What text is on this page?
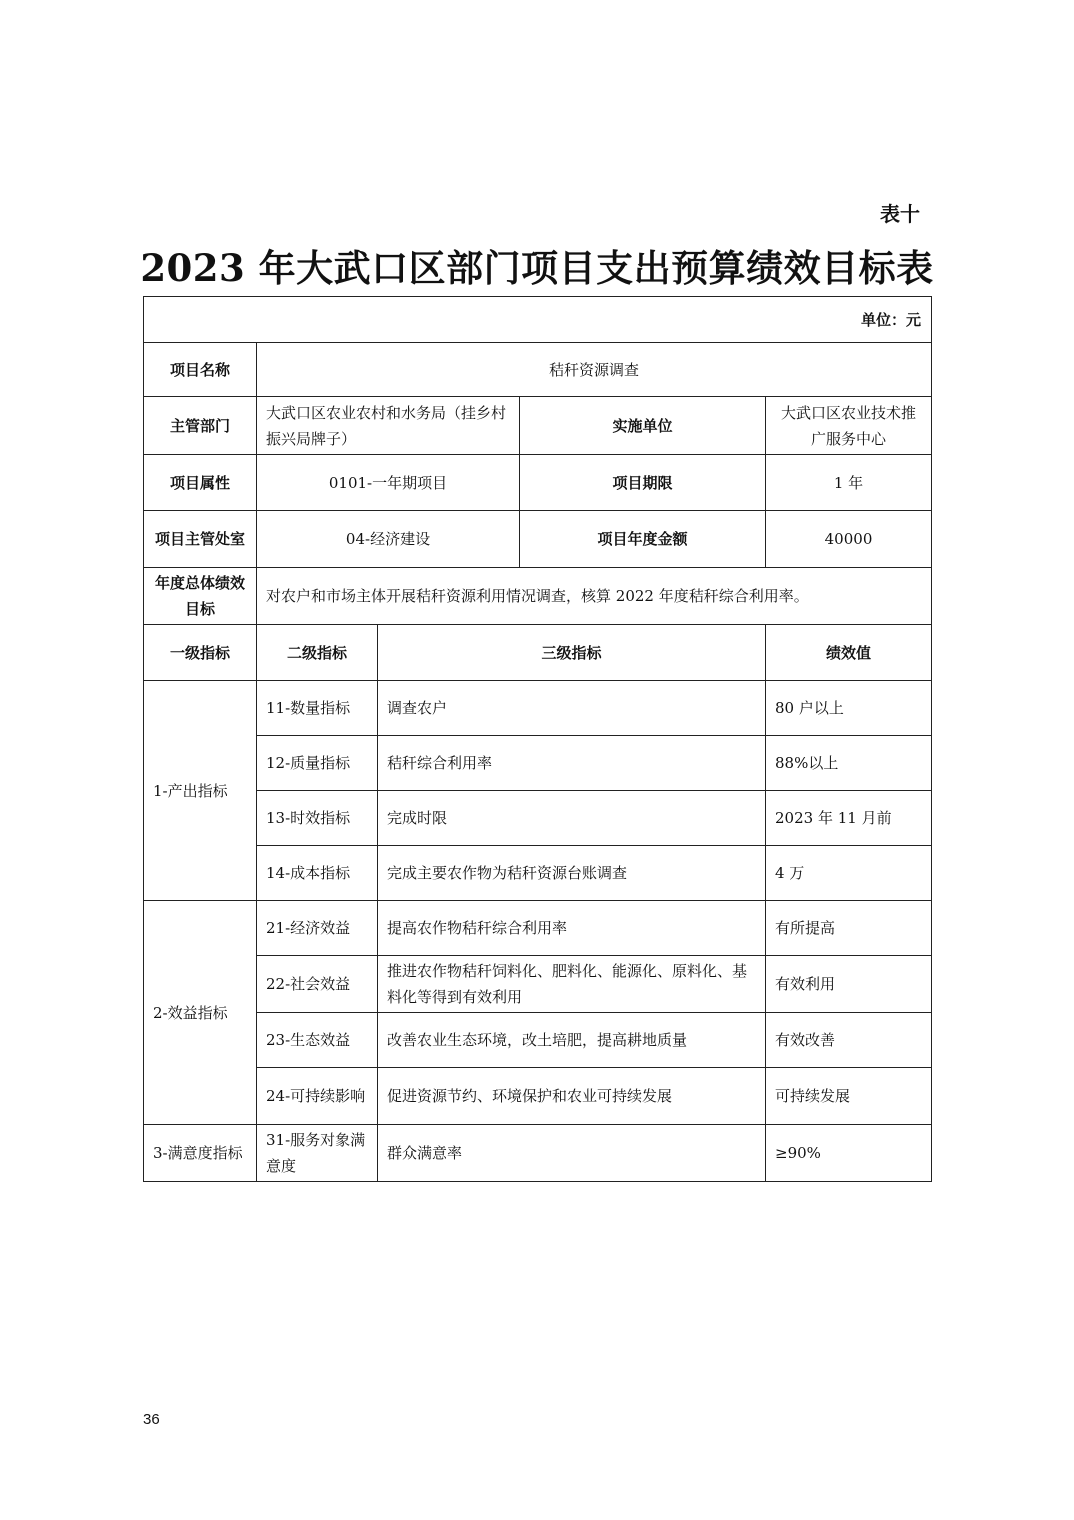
表十
2023 年大武口区部门项目支出预算绩效目标表
单位：元				
项目名称	秸秆资源调查			
主管部门	大武口区农业农村和水务局（挂乡村振兴局牌子）		实施单位	大武口区农业技术推广服务中心
项目属性	0101-一年期项目		项目期限	1 年
项目主管处室	04-经济建设		项目年度金额	40000
年度总体绩效目标	对农户和市场主体开展秸秆资源利用情况调查，核算 2022 年度秸秆综合利用率。			
一级指标	二级指标	三级指标		绩效值
1-产出指标	11-数量指标	调查农户		80 户以上
	12-质量指标	秸秆综合利用率		88%以上
	13-时效指标	完成时限		2023 年 11 月前
	14-成本指标	完成主要农作物为秸秆资源台账调查		4 万
2-效益指标	21-经济效益	提高农作物秸秆综合利用率		有所提高
	22-社会效益	推进农作物秸秆饲料化、肥料化、能源化、原料化、基料化等得到有效利用		有效利用
	23-生态效益	改善农业生态环境，改土培肥，提高耕地质量		有效改善
	24-可持续影响	促进资源节约、环境保护和农业可持续发展		可持续发展
3-满意度指标	31-服务对象满意度	群众满意率		≥90%
36
